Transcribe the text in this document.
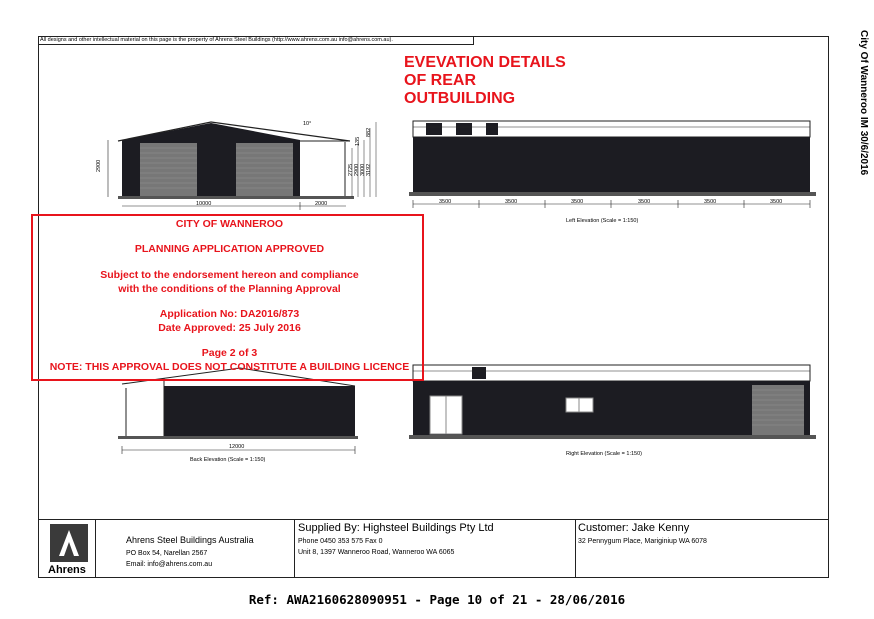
All designs and other intellectual material on this page is the property of Ahrens Steel Buildings (http://www.ahrens.com.au info@ahrens.com.au).	City Of Wanneroo IM 30/6/2016
EVEVATION DETAILS
OF REAR
OUTBUILDING
2900
10000	2000
10°
882
135
2725 2900 3000 3192
3500	3500	3500	3500	3500	3500
Left Elevation (Scale = 1:150)
12000
Back Elevation (Scale = 1:150)
Right Elevation (Scale = 1:150)
CITY OF WANNEROO
PLANNING APPLICATION APPROVED
Subject to the endorsement hereon and compliance
with the conditions of the Planning Approval
Application No: DA2016/873
Date Approved: 25 July 2016
Page 2 of 3
NOTE: THIS APPROVAL DOES NOT CONSTITUTE A BUILDING LICENCE
Ahrens
Ahrens Steel Buildings Australia
PO Box 54, Narellan 2567
Email: info@ahrens.com.au
Supplied By: Highsteel Buildings Pty Ltd
Phone 0450 353 575 Fax 0
Unit 8, 1397 Wanneroo Road, Wanneroo WA 6065
Customer: Jake Kenny
32 Pennygum Place, Mariginiup WA 6078
Ref: AWA2160628090951 - Page 10 of 21 - 28/06/2016
